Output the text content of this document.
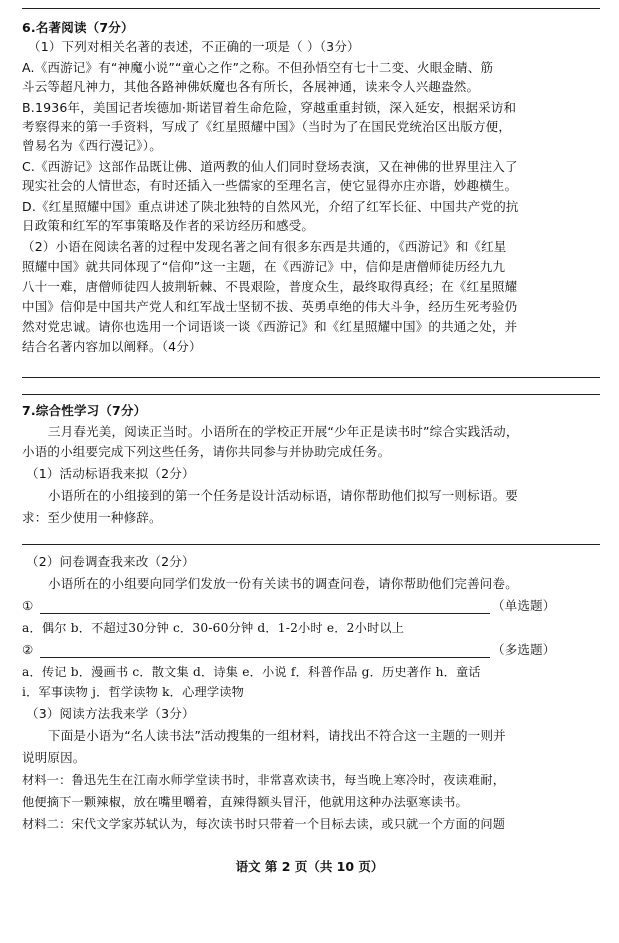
6.名著阅读（7分）
（1）下列对相关名著的表述，不正确的一项是（ ）（3分）
A.《西游记》有“神魔小说”“童心之作”之称。不但孙悟空有七十二变、火眼金睛、筋
斗云等超凡神力，其他各路神佛妖魔也各有所长，各展神通，读来令人兴趣盎然。
B.1936年，美国记者埃德加·斯诺冒着生命危险，穿越重重封锁，深入延安，根据采访和
考察得来的第一手资料，写成了《红星照耀中国》（当时为了在国民党统治区出版方便，
曾易名为《西行漫记》）。
C.《西游记》这部作品既让佛、道两教的仙人们同时登场表演，又在神佛的世界里注入了
现实社会的人情世态，有时还插入一些儒家的至理名言，使它显得亦庄亦谐，妙趣横生。
D.《红星照耀中国》重点讲述了陕北独特的自然风光，介绍了红军长征、中国共产党的抗
日政策和红军的军事策略及作者的采访经历和感受。
（2）小语在阅读名著的过程中发现名著之间有很多东西是共通的，《西游记》和《红星
照耀中国》就共同体现了“信仰”这一主题，在《西游记》中，信仰是唐僧师徒历经九九
八十一难，唐僧师徒四人披荆斩棘、不畏艰险，普度众生，最终取得真经；在《红星照耀
中国》信仰是中国共产党人和红军战士坚韧不拔、英勇卓绝的伟大斗争，经历生死考验仍
然对党忠诚。请你也选用一个词语谈一谈《西游记》和《红星照耀中国》的共通之处，并
结合名著内容加以阐释。（4分）
7.综合性学习（7分）
三月春光美，阅读正当时。小语所在的学校正开展“少年正是读书时”综合实践活动，
小语的小组要完成下列这些任务，请你共同参与并协助完成任务。
（1）活动标语我来拟（2分）
小语所在的小组接到的第一个任务是设计活动标语，请你帮助他们拟写一则标语。要
求：至少使用一种修辞。
（2）问卷调查我来改（2分）
小语所在的小组要向同学们发放一份有关读书的调查问卷，请你帮助他们完善问卷。
①	（单选题）
a．偶尔 b．不超过30分钟 c．30-60分钟 d．1-2小时 e．2小时以上
②	（多选题）
a．传记 b．漫画书 c．散文集 d．诗集 e．小说 f．科普作品 g．历史著作 h．童话
i．军事读物 j．哲学读物 k．心理学读物
（3）阅读方法我来学（3分）
下面是小语为“名人读书法”活动搜集的一组材料，请找出不符合这一主题的一则并
说明原因。
材料一：鲁迅先生在江南水师学堂读书时，非常喜欢读书，每当晚上寒冷时，夜读难耐，
他便摘下一颗辣椒，放在嘴里嚼着，直辣得额头冒汗，他就用这种办法驱寒读书。
材料二：宋代文学家苏轼认为，每次读书时只带着一个目标去读，或只就一个方面的问题
语文 第 2 页（共 10 页）
